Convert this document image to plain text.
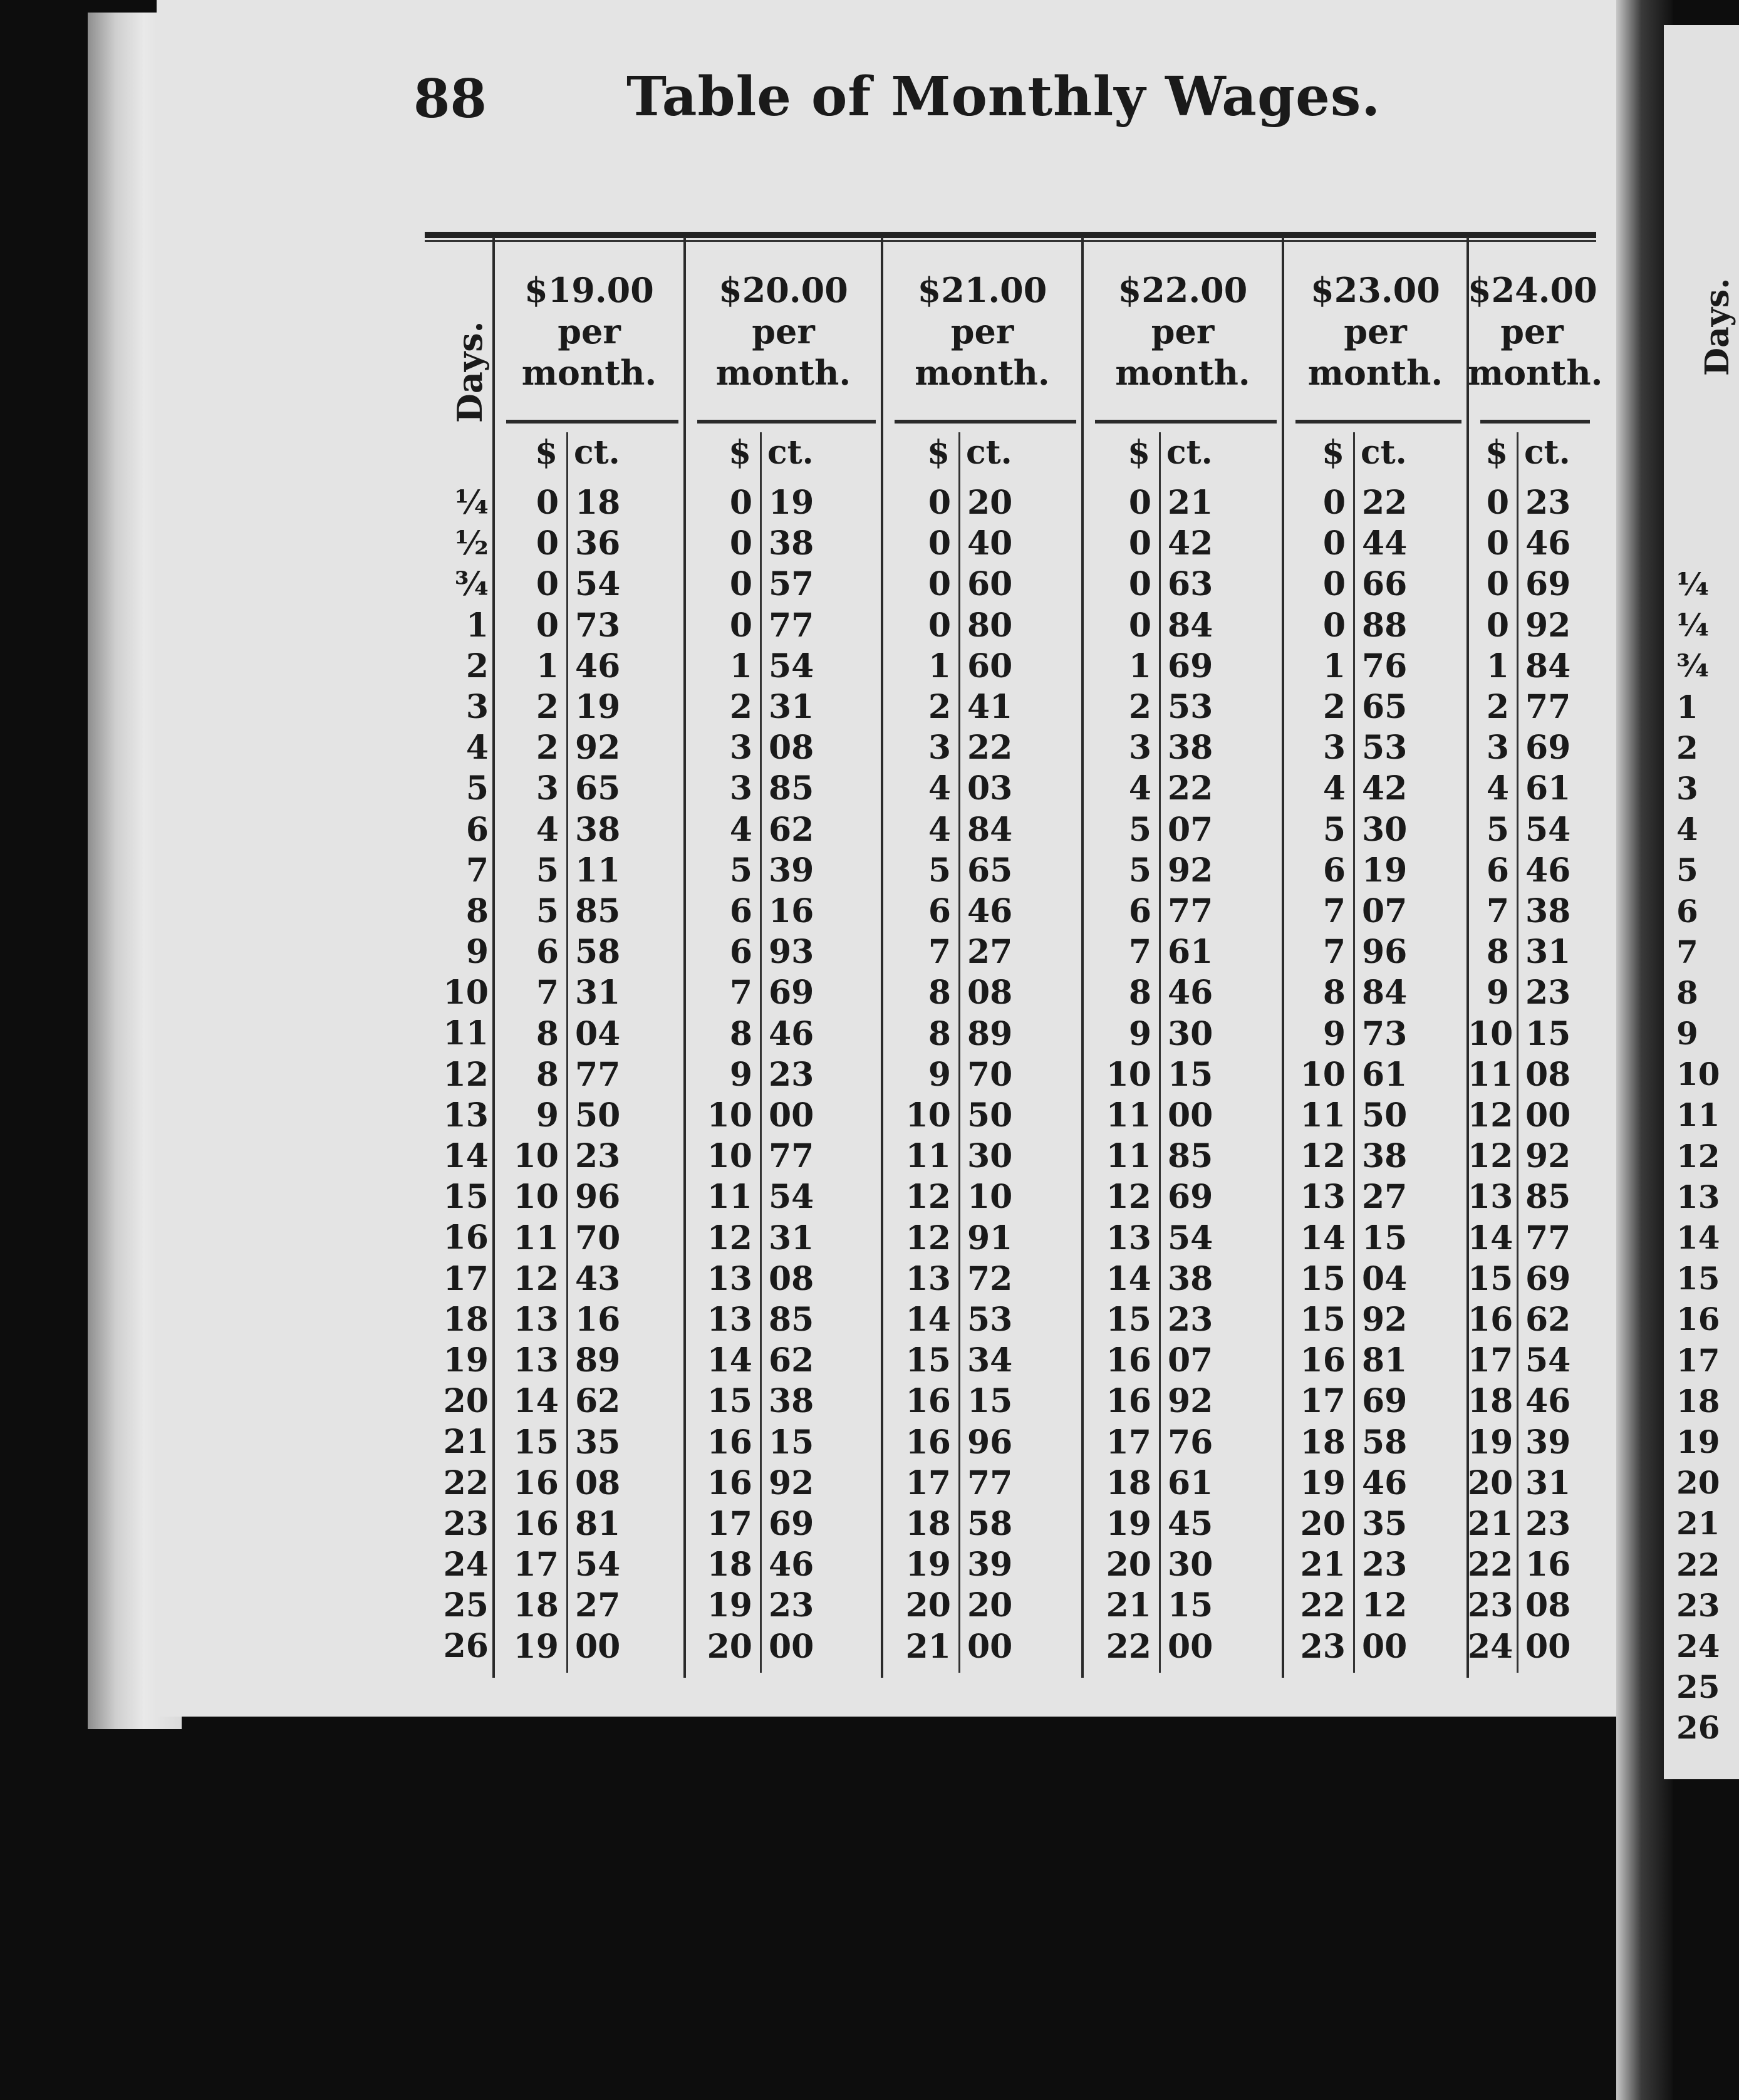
Days.
¼
¼
¾
1
2
3
4
5
6
7
8
9
10
11
12
13
14
15
16
17
18
19
20
21
22
23
24
25
26
88	Table of Monthly Wages.
Days.
¼
½
¾
1
2
3
4
5
6
7
8
9
10
11
12
13
14
15
16
17
18
19
20
21
22
23
24
25
26
$19.00
per
month.
$ ct.
0 18
0 36
0 54
0 73
1 46
2 19
2 92
3 65
4 38
5 11
5 85
6 58
7 31
8 04
8 77
9 50
10 23
10 96
11 70
12 43
13 16
13 89
14 62
15 35
16 08
16 81
17 54
18 27
19 00
$20.00
per
month.
$ ct.
0 19
0 38
0 57
0 77
1 54
2 31
3 08
3 85
4 62
5 39
6 16
6 93
7 69
8 46
9 23
10 00
10 77
11 54
12 31
13 08
13 85
14 62
15 38
16 15
16 92
17 69
18 46
19 23
20 00
$21.00
per
month.
$ ct.
0 20
0 40
0 60
0 80
1 60
2 41
3 22
4 03
4 84
5 65
6 46
7 27
8 08
8 89
9 70
10 50
11 30
12 10
12 91
13 72
14 53
15 34
16 15
16 96
17 77
18 58
19 39
20 20
21 00
$22.00
per
month.
$ ct.
0 21
0 42
0 63
0 84
1 69
2 53
3 38
4 22
5 07
5 92
6 77
7 61
8 46
9 30
10 15
11 00
11 85
12 69
13 54
14 38
15 23
16 07
16 92
17 76
18 61
19 45
20 30
21 15
22 00
$23.00
per
month.
$ ct.
0 22
0 44
0 66
0 88
1 76
2 65
3 53
4 42
5 30
6 19
7 07
7 96
8 84
9 73
10 61
11 50
12 38
13 27
14 15
15 04
15 92
16 81
17 69
18 58
19 46
20 35
21 23
22 12
23 00
$24.00
per
month.
$ ct.
0 23
0 46
0 69
0 92
1 84
2 77
3 69
4 61
5 54
6 46
7 38
8 31
9 23
10 15
11 08
12 00
12 92
13 85
14 77
15 69
16 62
17 54
18 46
19 39
20 31
21 23
22 16
23 08
24 00
